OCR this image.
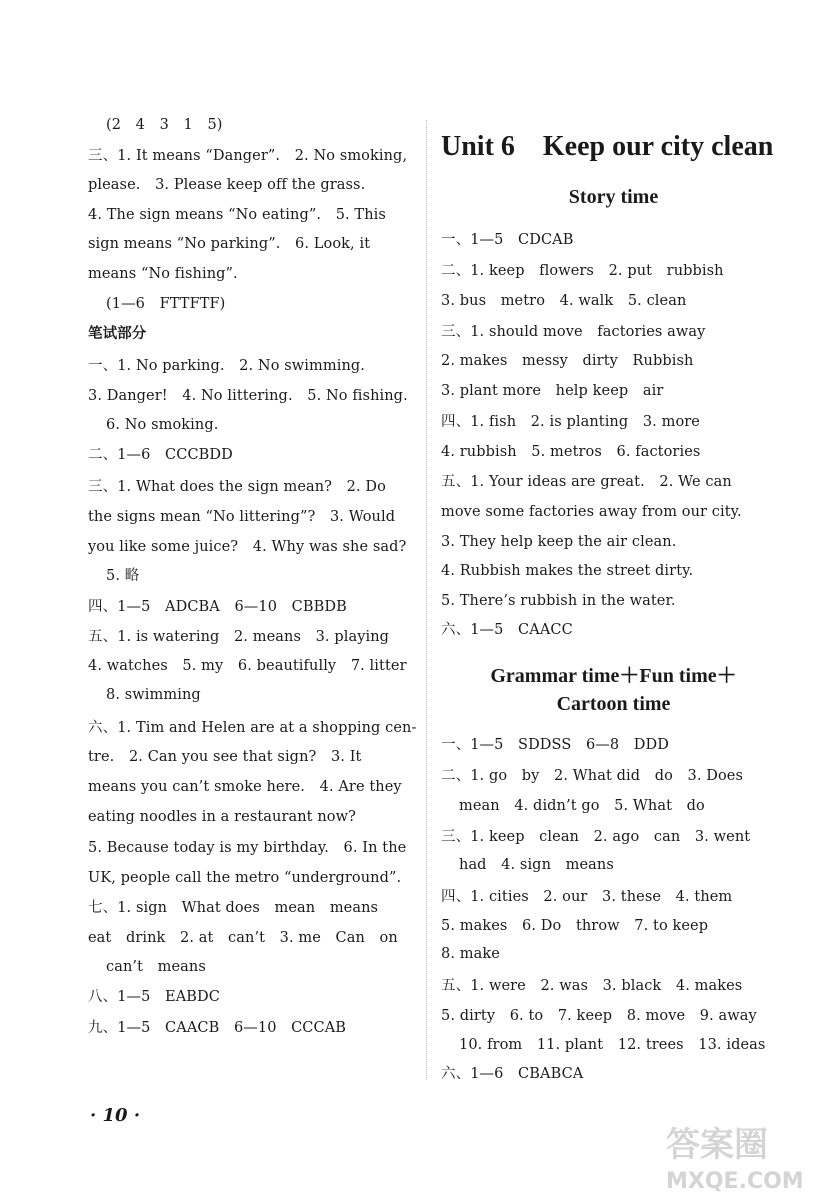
(2　4　3　1　5)
三、1. It means “Danger”.　2. No smoking,
please.　3. Please keep off the grass.
4. The sign means “No eating”.　5. This
sign means “No parking”.　6. Look, it
means “No fishing”.
(1—6　FTTFTF)
笔试部分
一、1. No parking.　2. No swimming.
3. Danger!　4. No littering.　5. No fishing.
6. No smoking.
二、1—6　CCCBDD
三、1. What does the sign mean?　2. Do
the signs mean “No littering”?　3. Would
you like some juice?　4. Why was she sad?
5. 略
四、1—5　ADCBA　6—10　CBBDB
五、1. is watering　2. means　3. playing
4. watches　5. my　6. beautifully　7. litter
8. swimming
六、1. Tim and Helen are at a shopping cen-
tre.　2. Can you see that sign?　3. It
means you can’t smoke here.　4. Are they
eating noodles in a restaurant now?
5. Because today is my birthday.　6. In the
UK, people call the metro “underground”.
七、1. sign　What does　mean　means
eat　drink　2. at　can’t　3. me　Can　on
can’t　means
八、1—5　EABDC
九、1—5　CAACB　6—10　CCCAB
Unit 6　Keep our city clean
Story time
一、1—5　CDCAB
二、1. keep　flowers　2. put　rubbish
3. bus　metro　4. walk　5. clean
三、1. should move　factories away
2. makes　messy　dirty　Rubbish
3. plant more　help keep　air
四、1. fish　2. is planting　3. more
4. rubbish　5. metros　6. factories
五、1. Your ideas are great.　2. We can
move some factories away from our city.
3. They help keep the air clean.
4. Rubbish makes the street dirty.
5. There’s rubbish in the water.
六、1—5　CAACC
Grammar time＋Fun time＋
Cartoon time
一、1—5　SDDSS　6—8　DDD
二、1. go　by　2. What did　do　3. Does
mean　4. didn’t go　5. What　do
三、1. keep　clean　2. ago　can　3. went
had　4. sign　means
四、1. cities　2. our　3. these　4. them
5. makes　6. Do　throw　7. to keep
8. make
五、1. were　2. was　3. black　4. makes
5. dirty　6. to　7. keep　8. move　9. away
10. from　11. plant　12. trees　13. ideas
六、1—6　CBABCA
· 10 ·
答案圈
MXQE.COM
